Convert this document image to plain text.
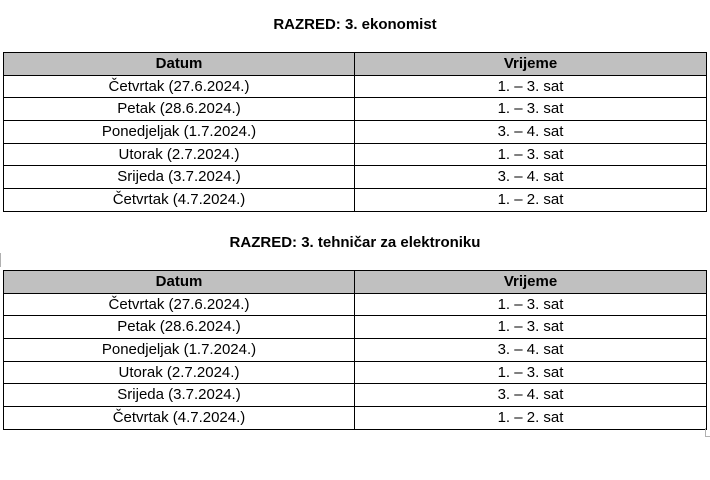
RAZRED: 3. ekonomist
Datum	Vrijeme
Četvrtak (27.6.2024.)	1. – 3. sat
Petak (28.6.2024.)	1. – 3. sat
Ponedjeljak (1.7.2024.)	3. – 4. sat
Utorak (2.7.2024.)	1. – 3. sat
Srijeda (3.7.2024.)	3. – 4. sat
Četvrtak (4.7.2024.)	1. – 2. sat
RAZRED: 3. tehničar za elektroniku
Datum	Vrijeme
Četvrtak (27.6.2024.)	1. – 3. sat
Petak (28.6.2024.)	1. – 3. sat
Ponedjeljak (1.7.2024.)	3. – 4. sat
Utorak (2.7.2024.)	1. – 3. sat
Srijeda (3.7.2024.)	3. – 4. sat
Četvrtak (4.7.2024.)	1. – 2. sat
